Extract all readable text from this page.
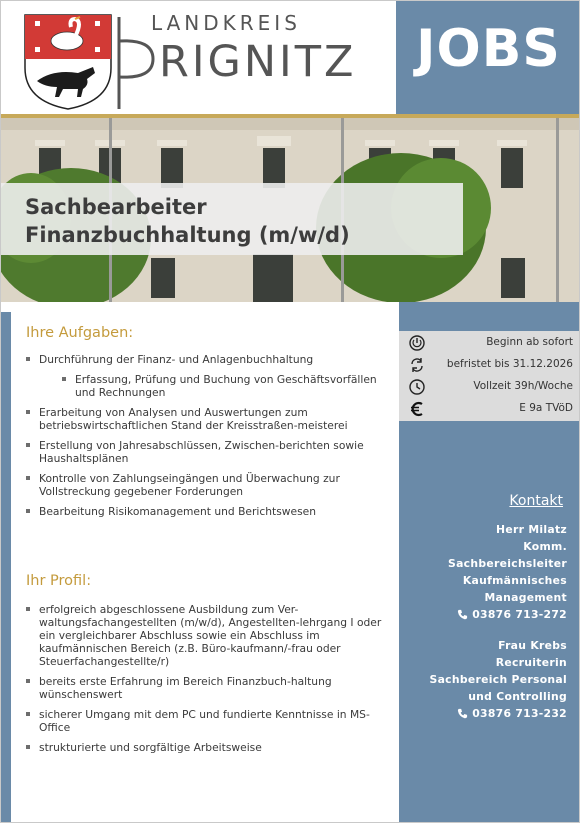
LANDKREIS
RIGNITZ	JOBS
Sachbearbeiter
Finanzbuchhaltung (m/w/d)
Ihre Aufgaben:
Durchführung der Finanz- und Anlagenbuchhaltung
Erfassung, Prüfung und Buchung von Geschäftsvorfällen und Rechnungen
Erarbeitung von Analysen und Auswertungen zum betriebswirtschaftlichen Stand der Kreisstraßen-meisterei
Erstellung von Jahresabschlüssen, Zwischen-berichten sowie Haushaltsplänen
Kontrolle von Zahlungseingängen und Überwachung zur Vollstreckung gegebener Forderungen
Bearbeitung Risikomanagement und Berichtswesen
Ihr Profil:
erfolgreich abgeschlossene Ausbildung zum Ver-waltungsfachangestellten (m/w/d), Angestellten-lehrgang I oder ein vergleichbarer Abschluss sowie ein Abschluss im kaufmännischen Bereich (z.B. Büro-kaufmann/-frau oder Steuerfachangestellte/r)
bereits erste Erfahrung im Bereich Finanzbuch-haltung wünschenswert
sicherer Umgang mit dem PC und fundierte Kenntnisse in MS-Office
strukturierte und sorgfältige Arbeitsweise
Beginn ab sofort
befristet bis 31.12.2026
Vollzeit 39h/Woche
E 9a TVöD
Kontakt
Herr Milatz
Komm.
Sachbereichsleiter
Kaufmännisches
Management
03876 713-272
Frau Krebs
Recruiterin
Sachbereich Personal
und Controlling
03876 713-232
